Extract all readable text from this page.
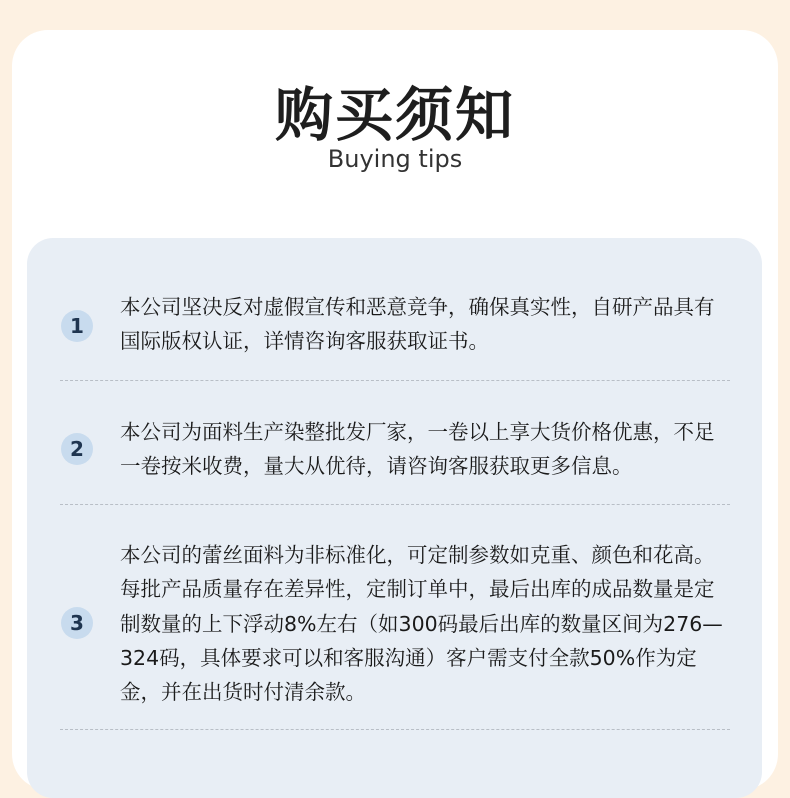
购买须知
Buying tips
1
本公司坚决反对虚假宣传和恶意竞争，确保真实性，自研产品具有国际版权认证，详情咨询客服获取证书。
2
本公司为面料生产染整批发厂家，一卷以上享大货价格优惠，不足一卷按米收费，量大从优待，请咨询客服获取更多信息。
3
本公司的蕾丝面料为非标准化，可定制参数如克重、颜色和花高。每批产品质量存在差异性，定制订单中，最后出库的成品数量是定制数量的上下浮动8%左右（如300码最后出库的数量区间为276—324码，具体要求可以和客服沟通）客户需支付全款50%作为定金，并在出货时付清余款。
